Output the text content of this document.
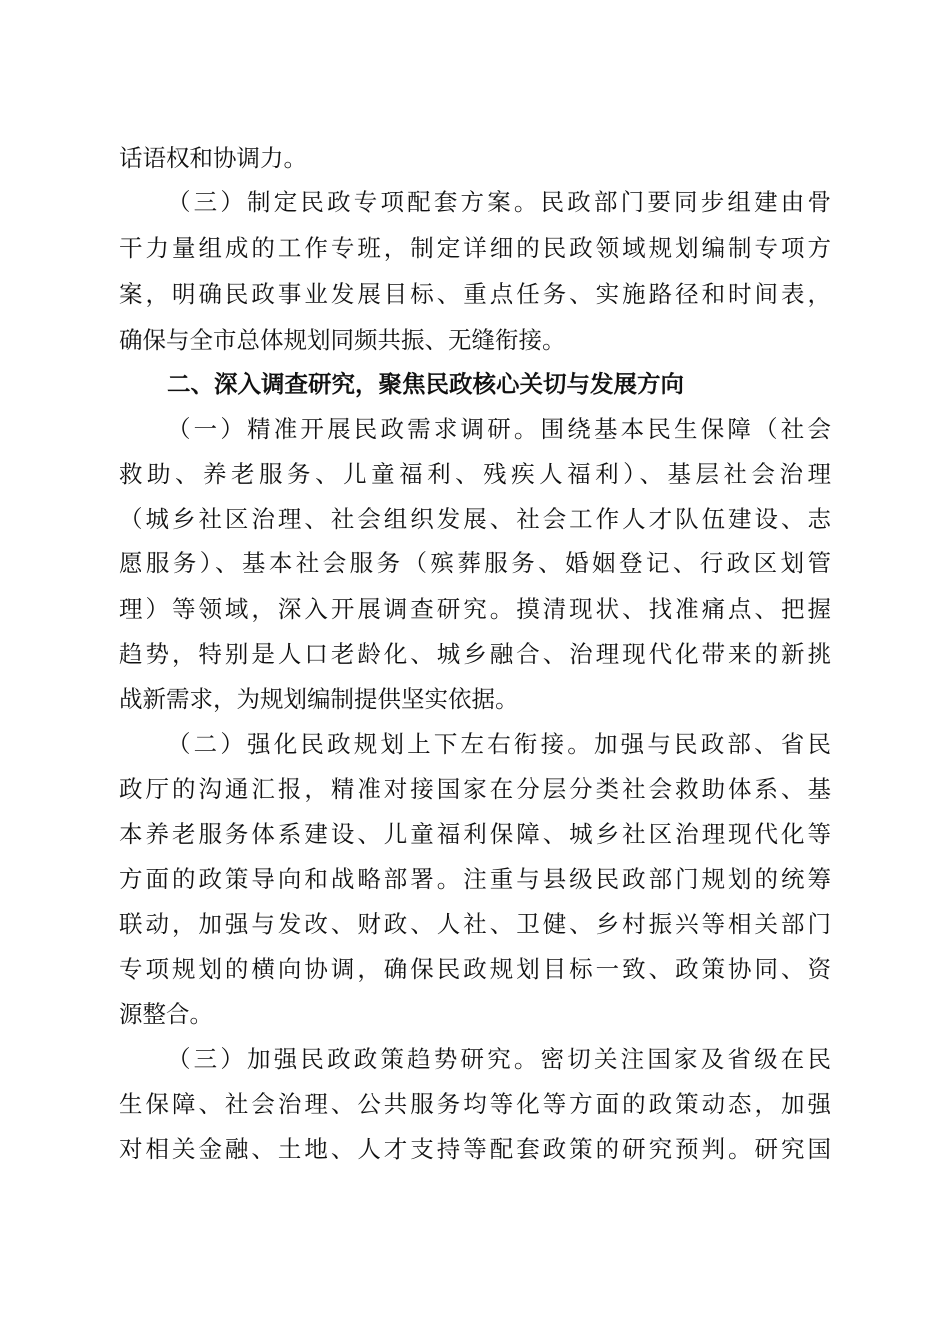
话语权和协调力。
（三）制定民政专项配套方案。民政部门要同步组建由骨
干力量组成的工作专班，制定详细的民政领域规划编制专项方
案，明确民政事业发展目标、重点任务、实施路径和时间表，
确保与全市总体规划同频共振、无缝衔接。
二、深入调查研究，聚焦民政核心关切与发展方向
（一）精准开展民政需求调研。围绕基本民生保障（社会
救助、养老服务、儿童福利、残疾人福利）、基层社会治理
（城乡社区治理、社会组织发展、社会工作人才队伍建设、志
愿服务）、基本社会服务（殡葬服务、婚姻登记、行政区划管
理）等领域，深入开展调查研究。摸清现状、找准痛点、把握
趋势，特别是人口老龄化、城乡融合、治理现代化带来的新挑
战新需求，为规划编制提供坚实依据。
（二）强化民政规划上下左右衔接。加强与民政部、省民
政厅的沟通汇报，精准对接国家在分层分类社会救助体系、基
本养老服务体系建设、儿童福利保障、城乡社区治理现代化等
方面的政策导向和战略部署。注重与县级民政部门规划的统筹
联动，加强与发改、财政、人社、卫健、乡村振兴等相关部门
专项规划的横向协调，确保民政规划目标一致、政策协同、资
源整合。
（三）加强民政政策趋势研究。密切关注国家及省级在民
生保障、社会治理、公共服务均等化等方面的政策动态，加强
对相关金融、土地、人才支持等配套政策的研究预判。研究国
